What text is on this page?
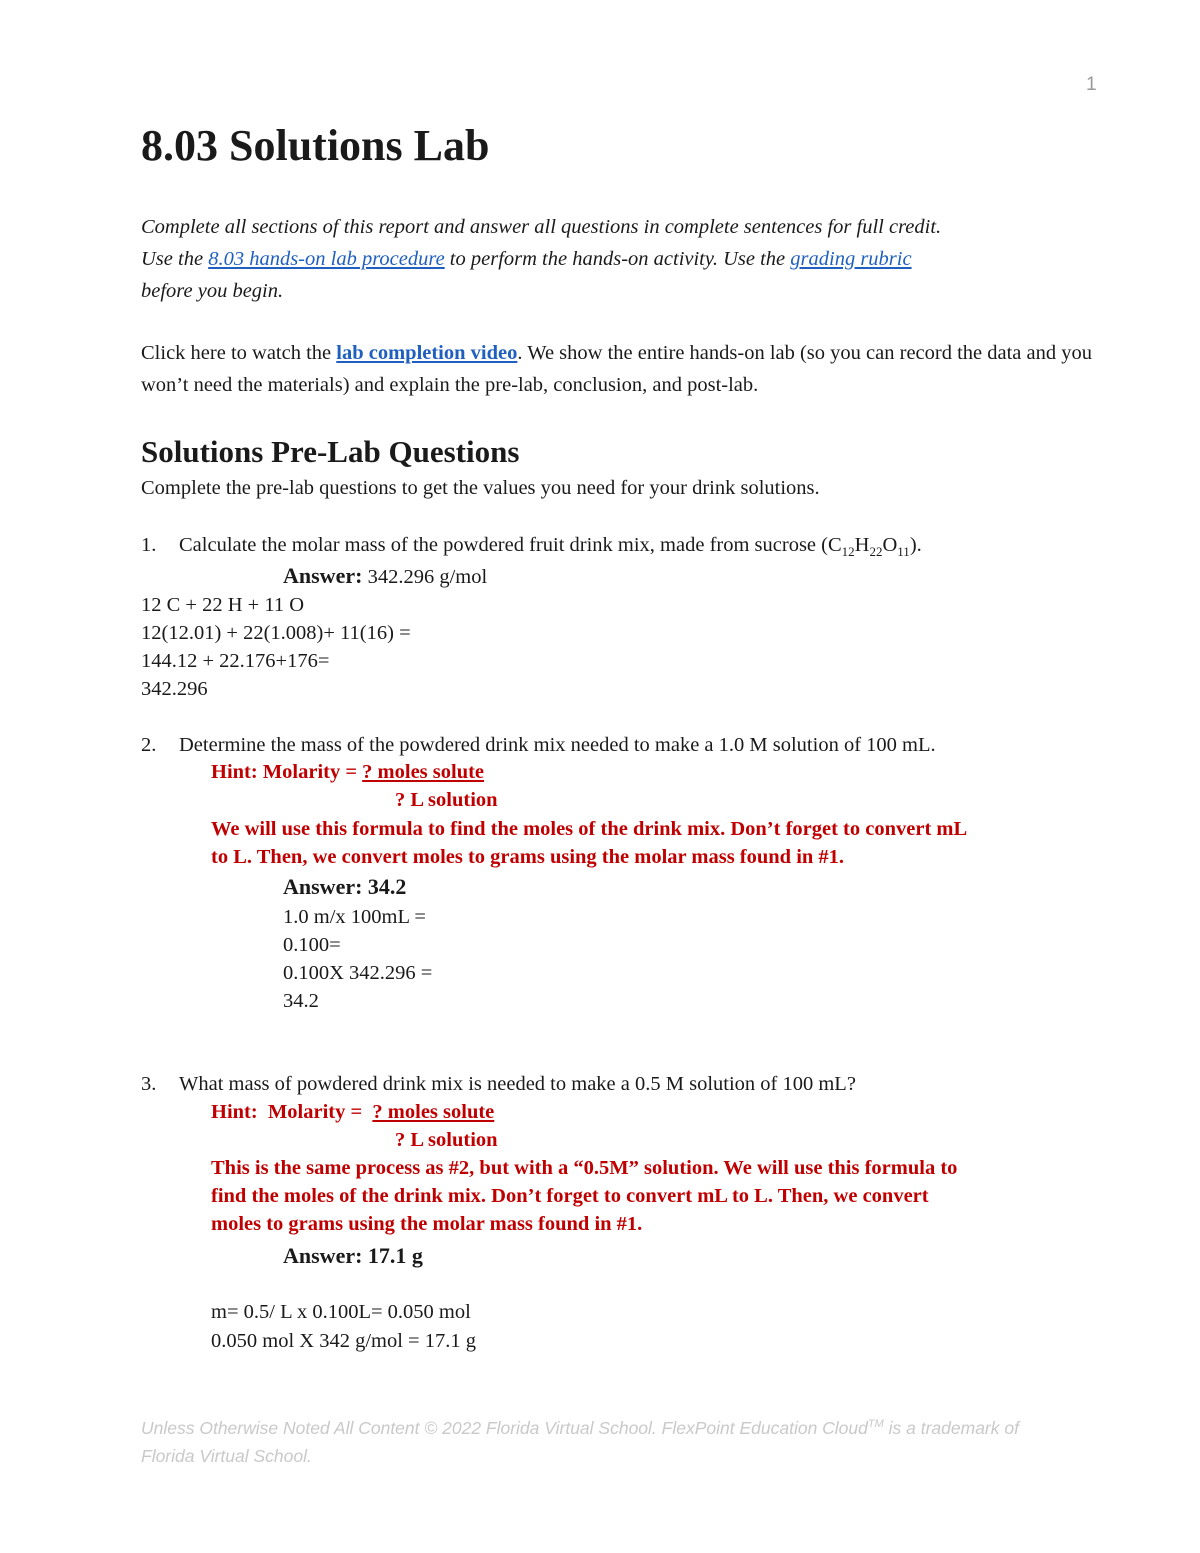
1
8.03 Solutions Lab

Complete all sections of this report and answer all questions in complete sentences for full credit.
Use the 8.03 hands-on lab procedure to perform the hands-on activity. Use the grading rubric
before you begin.

Click here to watch the lab completion video. We show the entire hands-on lab (so you can record the data and you won’t need the materials) and explain the pre-lab, conclusion, and post-lab.

Solutions Pre-Lab Questions
Complete the pre-lab questions to get the values you need for your drink solutions.
1. Calculate the molar mass of the powdered fruit drink mix, made from sucrose $(C_{12}H_{22}O_{11})$.
Answer: 342.296 g/mol
12 C + 22 H + 11 O
12(12.01) + 22(1.008)+ 11(16) =
144.12 + 22.176+176=
342.296
2. Determine the mass of the powdered drink mix needed to make a 1.0 M solution of 100 mL.
Hint: Molarity = ? moles solute
? L solution
We will use this formula to find the moles of the drink mix. Don’t forget to convert mL
to L. Then, we convert moles to grams using the molar mass found in #1.
Answer: 34.2
1.0 m/x 100mL =
0.100=
0.100X 342.296 =
34.2
3. What mass of powdered drink mix is needed to make a 0.5 M solution of 100 mL?
Hint:  Molarity =  ? moles solute
? L solution
This is the same process as #2, but with a “0.5M” solution. We will use this formula to
find the moles of the drink mix. Don’t forget to convert mL to L. Then, we convert
moles to grams using the molar mass found in #1.
Answer: 17.1 g
m= 0.5/ L x 0.100L= 0.050 mol
0.050 mol X 342 g/mol = 17.1 g
Unless Otherwise Noted All Content © 2022 Florida Virtual School. FlexPoint Education Cloud™ is a trademark of Florida Virtual School.
